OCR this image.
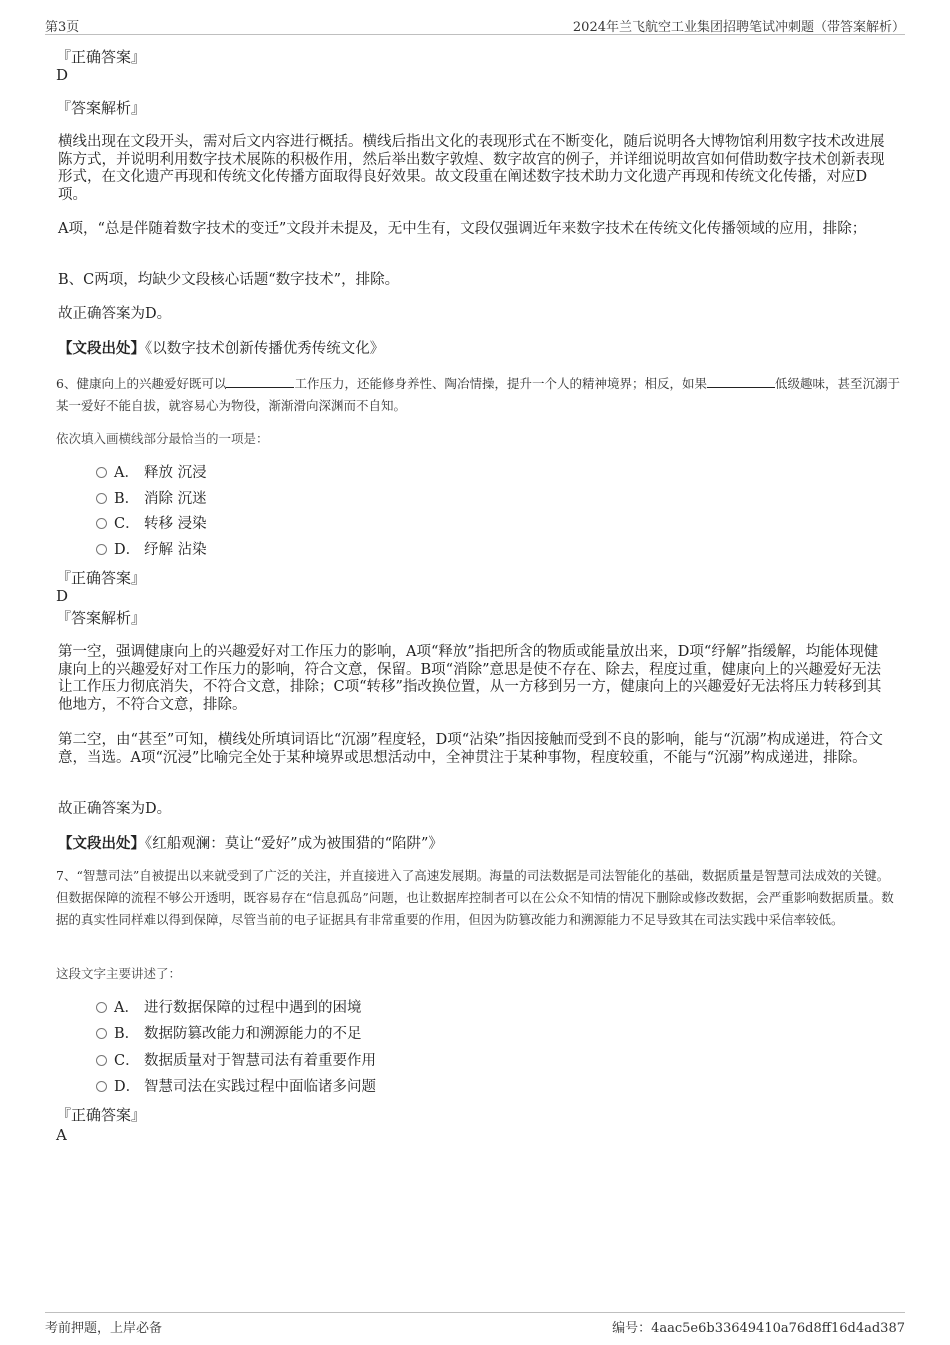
第3页	2024年兰飞航空工业集团招聘笔试冲刺题（带答案解析）
『正确答案』
D
『答案解析』
横线出现在文段开头，需对后文内容进行概括。横线后指出文化的表现形式在不断变化，随后说明各大博物馆利用数字技术改进展陈方式，并说明利用数字技术展陈的积极作用，然后举出数字敦煌、数字故宫的例子，并详细说明故宫如何借助数字技术创新表现形式，在文化遗产再现和传统文化传播方面取得良好效果。故文段重在阐述数字技术助力文化遗产再现和传统文化传播，对应D项。
A项，“总是伴随着数字技术的变迁”文段并未提及，无中生有，文段仅强调近年来数字技术在传统文化传播领域的应用，排除；
B、C两项，均缺少文段核心话题“数字技术”，排除。
故正确答案为D。
【文段出处】《以数字技术创新传播优秀传统文化》
6、健康向上的兴趣爱好既可以	工作压力，还能修身养性、陶冶情操，提升一个人的精神境界；相反，如果	低级趣味，甚至沉溺于某一爱好不能自拔，就容易心为物役，渐渐滑向深渊而不自知。
依次填入画横线部分最恰当的一项是：
A． 释放 沉浸
B． 消除 沉迷
C． 转移 浸染
D． 纾解 沾染
『正确答案』
D
『答案解析』
第一空，强调健康向上的兴趣爱好对工作压力的影响，A项“释放”指把所含的物质或能量放出来，D项“纾解”指缓解，均能体现健康向上的兴趣爱好对工作压力的影响，符合文意，保留。B项“消除”意思是使不存在、除去，程度过重，健康向上的兴趣爱好无法让工作压力彻底消失，不符合文意，排除；C项“转移”指改换位置，从一方移到另一方，健康向上的兴趣爱好无法将压力转移到其他地方，不符合文意，排除。
第二空，由“甚至”可知，横线处所填词语比“沉溺”程度轻，D项“沾染”指因接触而受到不良的影响，能与“沉溺”构成递进，符合文意，当选。A项“沉浸”比喻完全处于某种境界或思想活动中，全神贯注于某种事物，程度较重，不能与“沉溺”构成递进，排除。
故正确答案为D。
【文段出处】《红船观澜：莫让“爱好”成为被围猎的“陷阱”》
7、“智慧司法”自被提出以来就受到了广泛的关注，并直接进入了高速发展期。海量的司法数据是司法智能化的基础，数据质量是智慧司法成效的关键。但数据保障的流程不够公开透明，既容易存在“信息孤岛”问题，也让数据库控制者可以在公众不知情的情况下删除或修改数据，会严重影响数据质量。数据的真实性同样难以得到保障，尽管当前的电子证据具有非常重要的作用，但因为防篡改能力和溯源能力不足导致其在司法实践中采信率较低。
这段文字主要讲述了：
A． 进行数据保障的过程中遇到的困境
B． 数据防篡改能力和溯源能力的不足
C． 数据质量对于智慧司法有着重要作用
D． 智慧司法在实践过程中面临诸多问题
『正确答案』
A
考前押题，上岸必备	编号：4aac5e6b33649410a76d8ff16d4ad387
